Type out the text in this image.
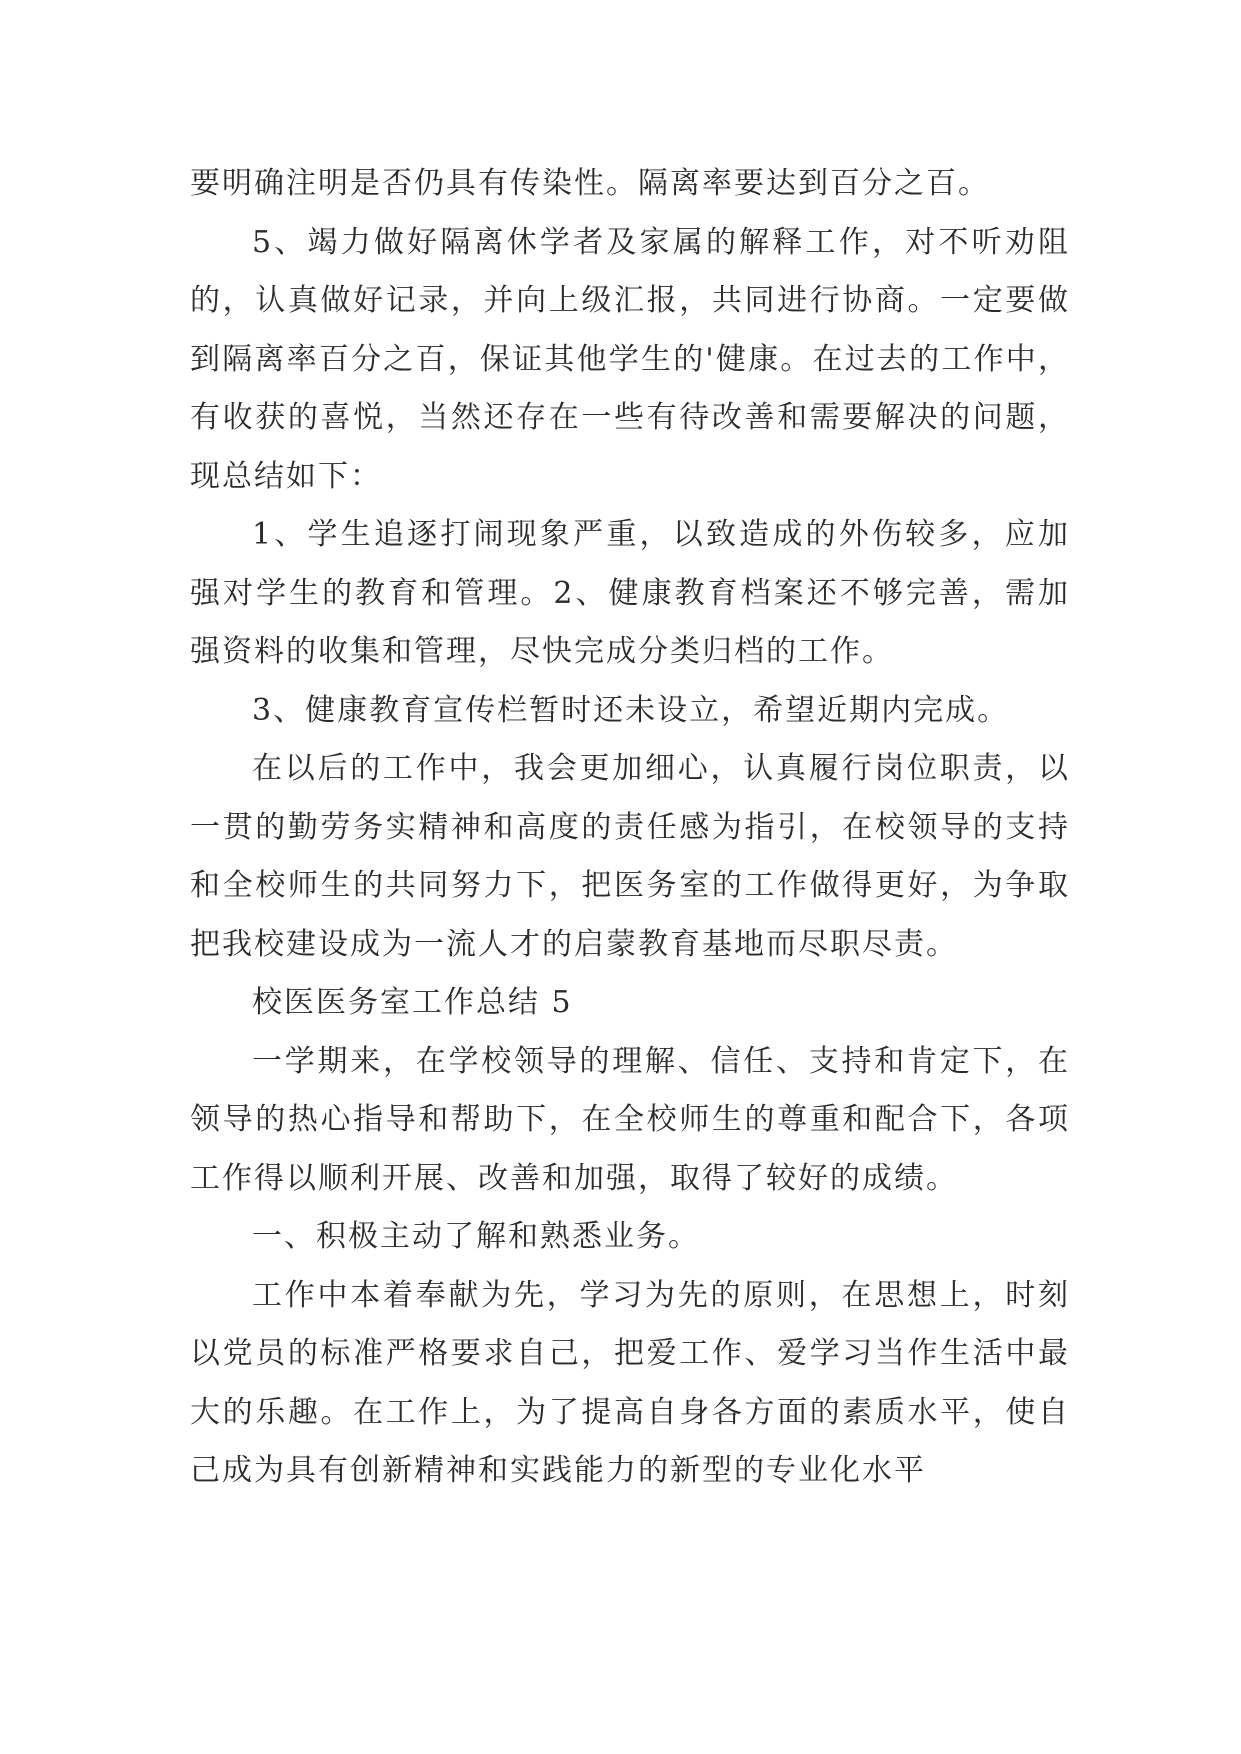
要明确注明是否仍具有传染性。隔离率要达到百分之百。

5、竭力做好隔离休学者及家属的解释工作，对不听劝阻的，认真做好记录，并向上级汇报，共同进行协商。一定要做到隔离率百分之百，保证其他学生的'健康。在过去的工作中，有收获的喜悦，当然还存在一些有待改善和需要解决的问题，现总结如下：

1、学生追逐打闹现象严重，以致造成的外伤较多，应加强对学生的教育和管理。2、健康教育档案还不够完善，需加强资料的收集和管理，尽快完成分类归档的工作。

3、健康教育宣传栏暂时还未设立，希望近期内完成。

在以后的工作中，我会更加细心，认真履行岗位职责，以一贯的勤劳务实精神和高度的责任感为指引，在校领导的支持和全校师生的共同努力下，把医务室的工作做得更好，为争取把我校建设成为一流人才的启蒙教育基地而尽职尽责。

校医医务室工作总结 5

一学期来，在学校领导的理解、信任、支持和肯定下，在领导的热心指导和帮助下，在全校师生的尊重和配合下，各项工作得以顺利开展、改善和加强，取得了较好的成绩。

一、积极主动了解和熟悉业务。

工作中本着奉献为先，学习为先的原则，在思想上，时刻以党员的标准严格要求自己，把爱工作、爱学习当作生活中最大的乐趣。在工作上，为了提高自身各方面的素质水平，使自己成为具有创新精神和实践能力的新型的专业化水平
